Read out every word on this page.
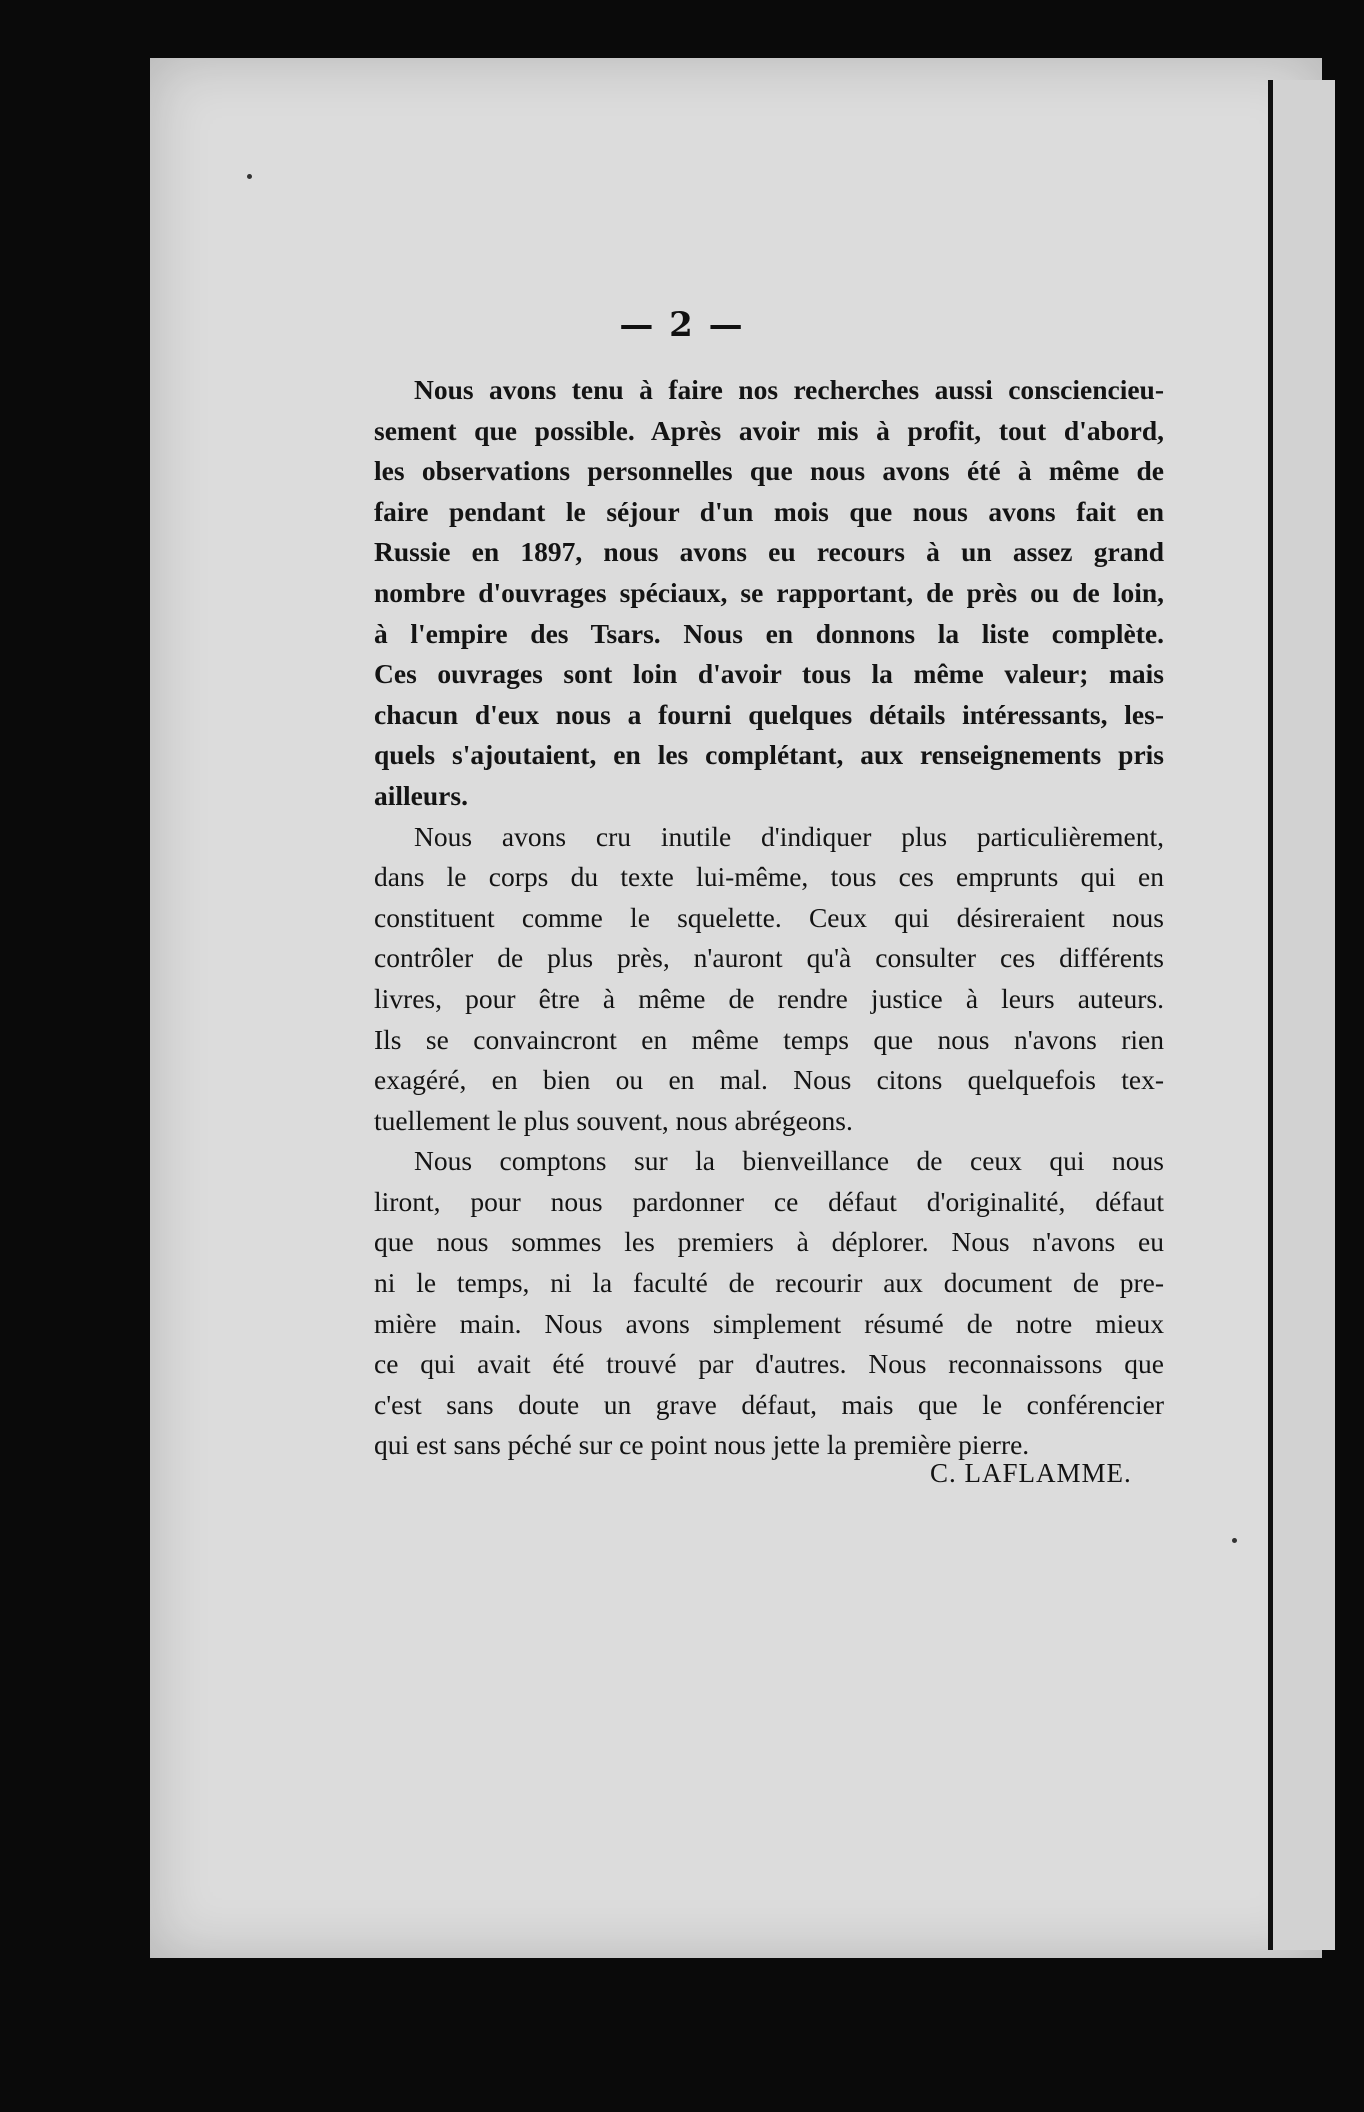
— 2 —
Nous avons tenu à faire nos recherches aussi consciencieu-
sement que possible. Après avoir mis à profit, tout d'abord,
les observations personnelles que nous avons été à même de
faire pendant le séjour d'un mois que nous avons fait en
Russie en 1897, nous avons eu recours à un assez grand
nombre d'ouvrages spéciaux, se rapportant, de près ou de loin,
à l'empire des Tsars. Nous en donnons la liste complète.
Ces ouvrages sont loin d'avoir tous la même valeur; mais
chacun d'eux nous a fourni quelques détails intéressants, les-
quels s'ajoutaient, en les complétant, aux renseignements pris
ailleurs.
Nous avons cru inutile d'indiquer plus particulièrement,
dans le corps du texte lui-même, tous ces emprunts qui en
constituent comme le squelette. Ceux qui désireraient nous
contrôler de plus près, n'auront qu'à consulter ces différents
livres, pour être à même de rendre justice à leurs auteurs.
Ils se convaincront en même temps que nous n'avons rien
exagéré, en bien ou en mal. Nous citons quelquefois tex-
tuellement le plus souvent, nous abrégeons.
Nous comptons sur la bienveillance de ceux qui nous
liront, pour nous pardonner ce défaut d'originalité, défaut
que nous sommes les premiers à déplorer. Nous n'avons eu
ni le temps, ni la faculté de recourir aux document de pre-
mière main. Nous avons simplement résumé de notre mieux
ce qui avait été trouvé par d'autres. Nous reconnaissons que
c'est sans doute un grave défaut, mais que le conférencier
qui est sans péché sur ce point nous jette la première pierre.
C. LAFLAMME.
